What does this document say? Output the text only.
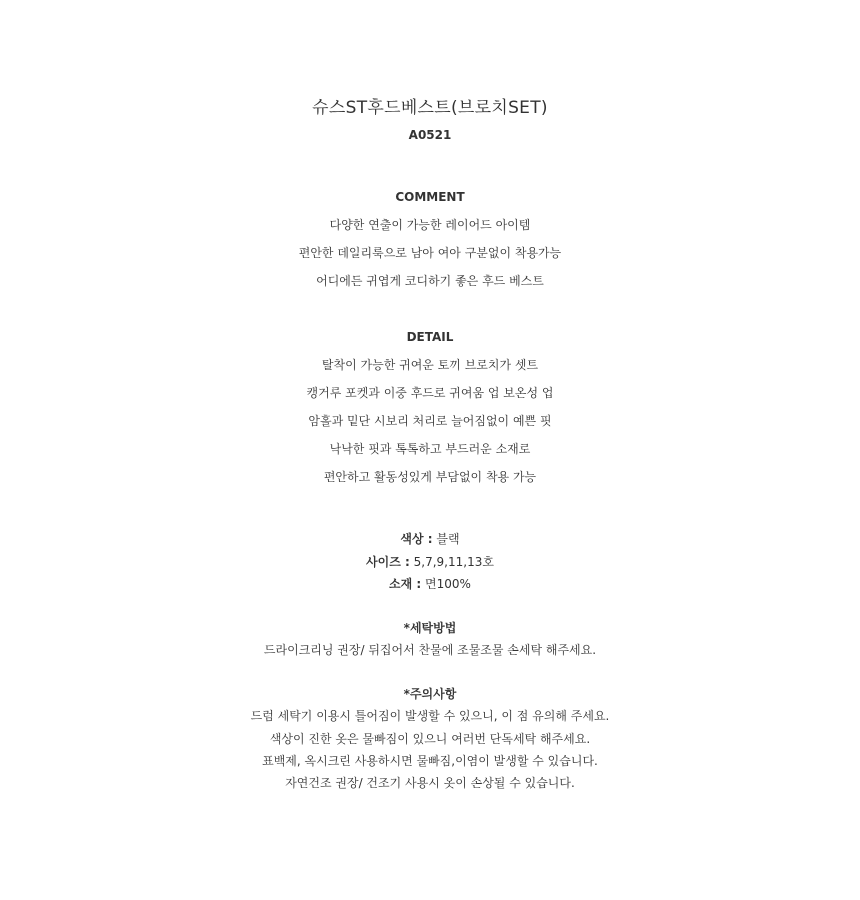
슈스ST후드베스트(브로치SET)
A0521
COMMENT
다양한 연출이 가능한 레이어드 아이템
편안한 데일리룩으로 남아 여아 구분없이 착용가능
어디에든 귀엽게 코디하기 좋은 후드 베스트
DETAIL
탈착이 가능한 귀여운 토끼 브로치가 셋트
캥거루 포켓과 이중 후드로 귀여움 업 보온성 업
암홀과 밑단 시보리 처리로 늘어짐없이 예쁜 핏
낙낙한 핏과 톡톡하고 부드러운 소재로
편안하고 활동성있게 부담없이 착용 가능
색상 : 블랙
사이즈 : 5,7,9,11,13호
소재 : 면100%
*세탁방법
드라이크리닝 권장/ 뒤집어서 찬물에 조물조물 손세탁 해주세요.
*주의사항
드럼 세탁기 이용시 틀어짐이 발생할 수 있으니, 이 점 유의해 주세요.
색상이 진한 옷은 물빠짐이 있으니 여러번 단독세탁 해주세요.
표백제, 옥시크린 사용하시면 물빠짐,이염이 발생할 수 있습니다.
자연건조 권장/ 건조기 사용시 옷이 손상될 수 있습니다.
